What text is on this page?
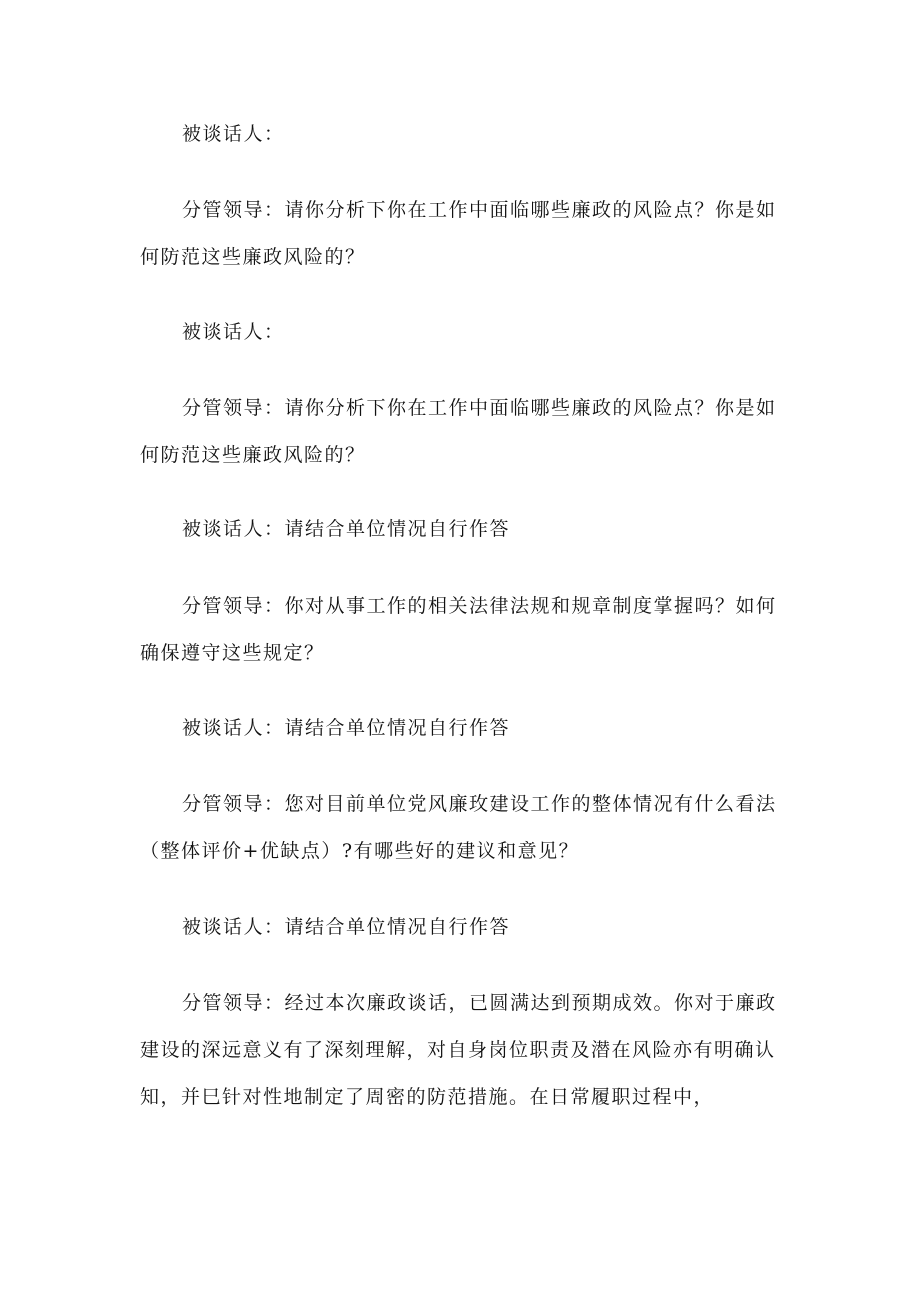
被谈话人：

分管领导：请你分析下你在工作中面临哪些廉政的风险点？你是如何防范这些廉政风险的？

被谈话人：

分管领导：请你分析下你在工作中面临哪些廉政的风险点？你是如何防范这些廉政风险的？

被谈话人：请结合单位情况自行作答

分管领导：你对从事工作的相关法律法规和规章制度掌握吗？如何确保遵守这些规定？

被谈话人：请结合单位情况自行作答

分管领导：您对目前单位党风廉玫建设工作的整体情况有什么看法（整体评价+优缺点）?有哪些好的建议和意见？

被谈话人：请结合单位情况自行作答

分管领导：经过本次廉政谈话，已圆满达到预期成效。你对于廉政建设的深远意义有了深刻理解，对自身岗位职责及潜在风险亦有明确认知，并巳针对性地制定了周密的防范措施。在日常履职过程中，
